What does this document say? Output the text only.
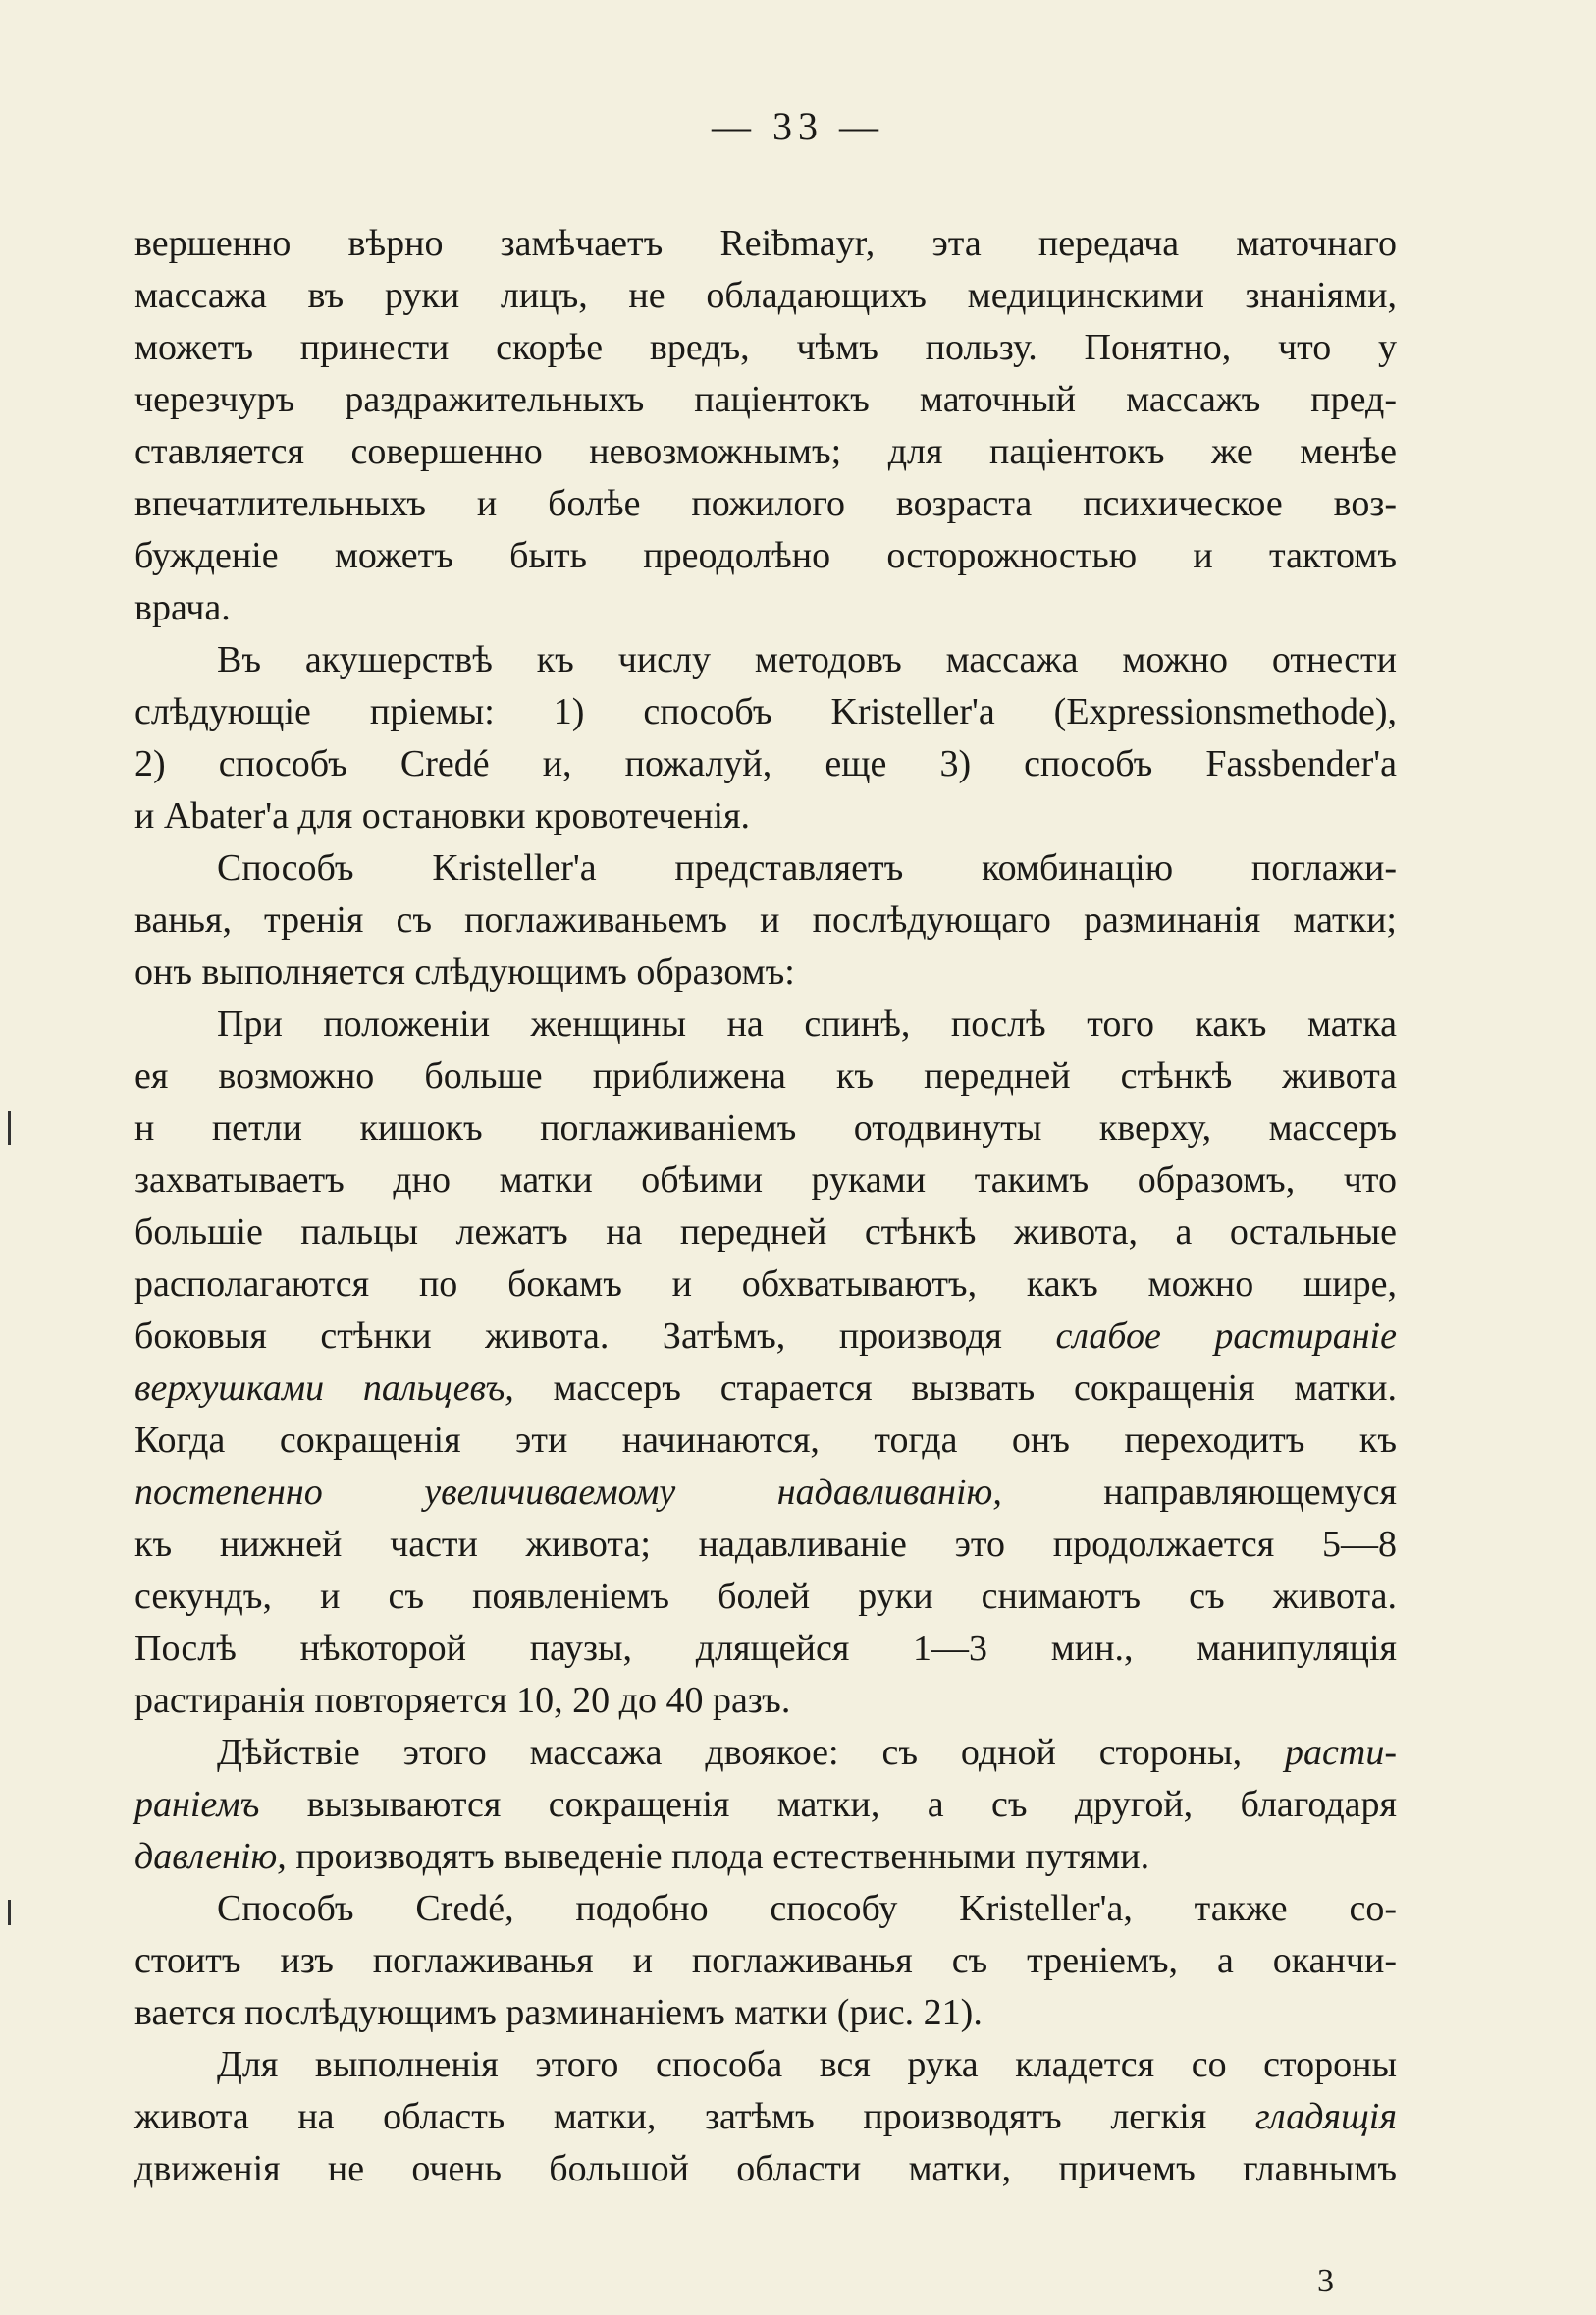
— 33 —
вершенно вѣрно замѣчаетъ Reiƀmayr, эта передача маточнаго
массажа въ руки лицъ, не обладающихъ медицинскими знаніями,
можетъ принести скорѣе вредъ, чѣмъ пользу. Понятно, что у
черезчуръ раздражительныхъ паціентокъ маточный массажъ пред-
ставляется совершенно невозможнымъ; для паціентокъ же менѣе
впечатлительныхъ и болѣе пожилого возраста психическое воз-
бужденіе можетъ быть преодолѣно осторожностью и тактомъ
врача.
Въ акушерствѣ къ числу методовъ массажа можно отнести
слѣдующіе пріемы: 1) способъ Kristeller'a (Expressionsmethode),
2) способъ Credé и, пожалуй, еще 3) способъ Fassbender'a
и Abater'a для остановки кровотеченія.
Способъ Kristeller'a представляетъ комбинацію поглажи-
ванья, тренія съ поглаживаньемъ и послѣдующаго разминанія матки;
онъ выполняется слѣдующимъ образомъ:
При положеніи женщины на спинѣ, послѣ того какъ матка
ея возможно больше приближена къ передней стѣнкѣ живота
н петли кишокъ поглаживаніемъ отодвинуты кверху, массеръ
захватываетъ дно матки обѣими руками такимъ образомъ, что
большіе пальцы лежатъ на передней стѣнкѣ живота, а остальные
располагаются по бокамъ и обхватываютъ, какъ можно шире,
боковыя стѣнки живота. Затѣмъ, производя слабое растираніе
верхушками пальцевъ, массеръ старается вызвать сокращенія матки.
Когда сокращенія эти начинаются, тогда онъ переходитъ къ
постепенно увеличиваемому надавливанію, направляющемуся
къ нижней части живота; надавливаніе это продолжается 5—8
секундъ, и съ появленіемъ болей руки снимаютъ съ живота.
Послѣ нѣкоторой паузы, длящейся 1—3 мин., манипуляція
растиранія повторяется 10, 20 до 40 разъ.
Дѣйствіе этого массажа двоякое: съ одной стороны, расти-
раніемъ вызываются сокращенія матки, а съ другой, благодаря
давленію, производятъ выведеніе плода естественными путями.
Способъ Credé, подобно способу Kristeller'a, также со-
стоитъ изъ поглаживанья и поглаживанья съ треніемъ, а оканчи-
вается послѣдующимъ разминаніемъ матки (рис. 21).
Для выполненія этого способа вся рука кладется со стороны
живота на область матки, затѣмъ производятъ легкія гладящія
движенія не очень большой области матки, причемъ главнымъ
3
